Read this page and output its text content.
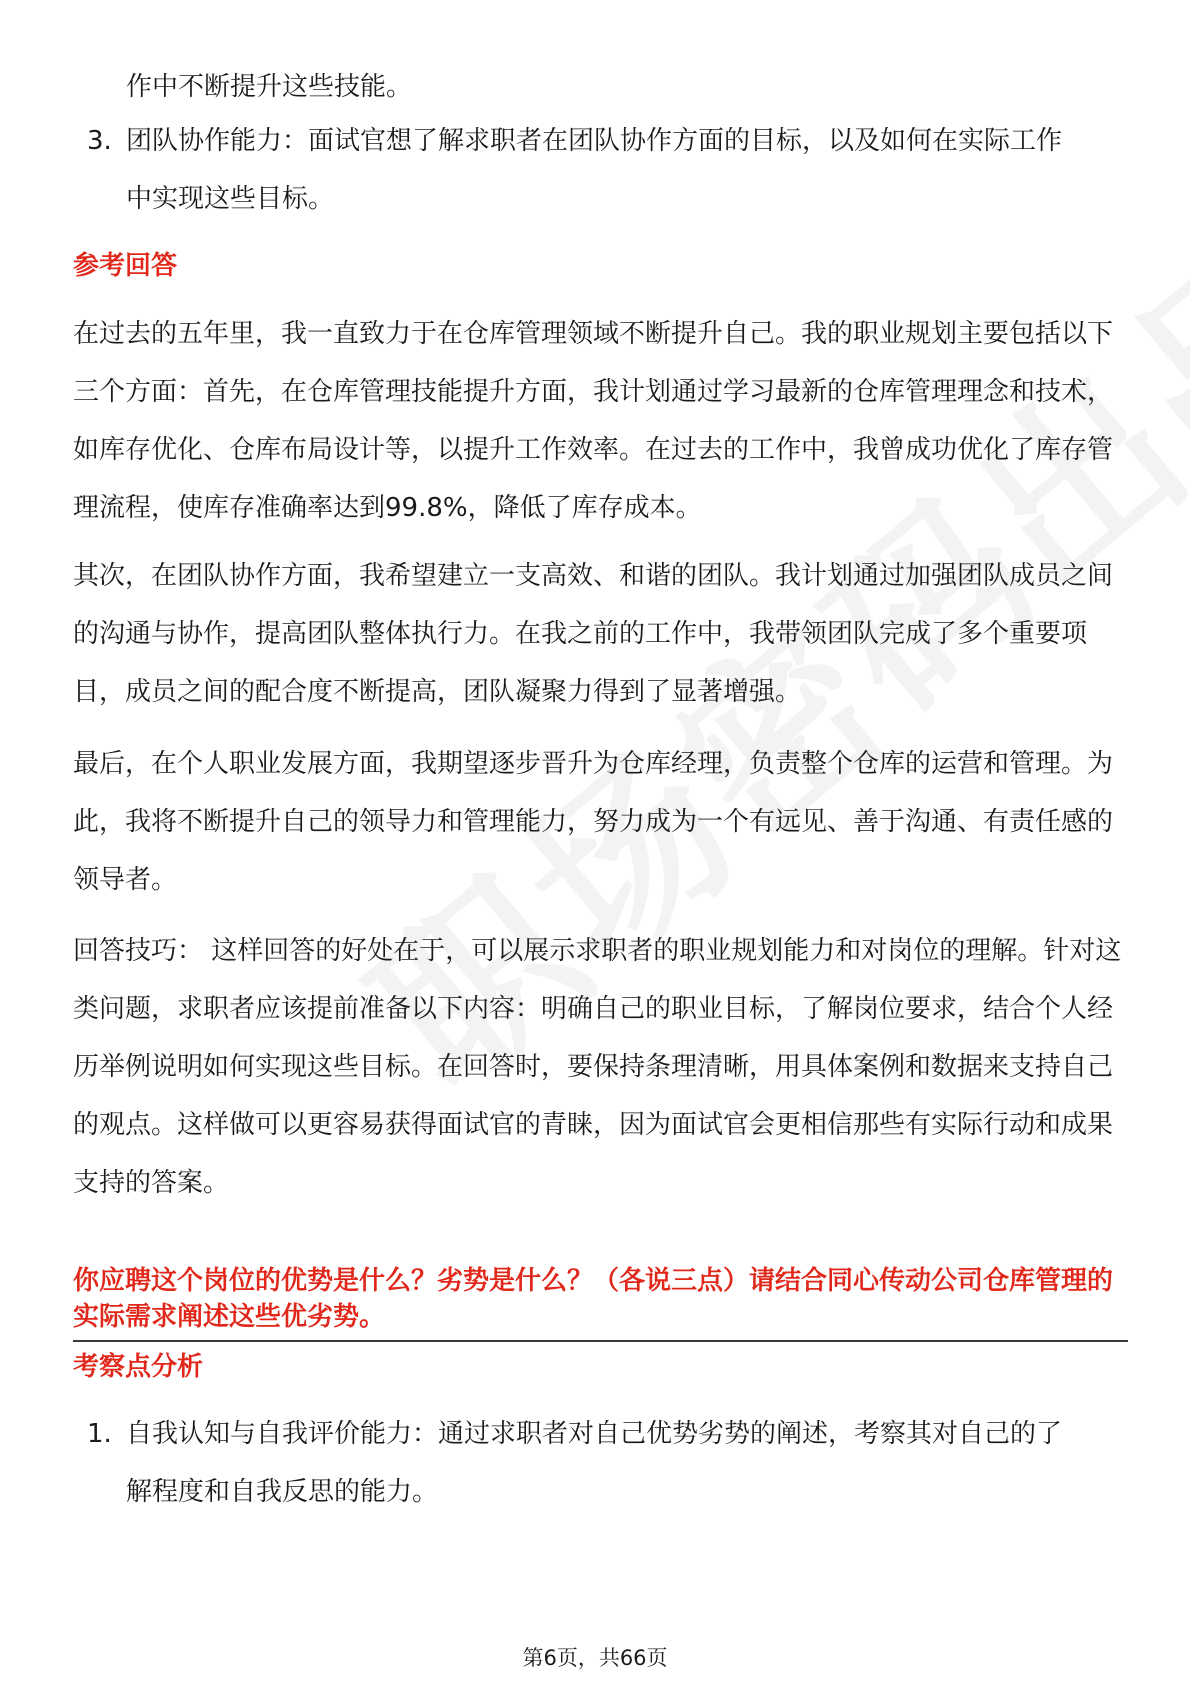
作中不断提升这些技能。
3. 团队协作能力：面试官想了解求职者在团队协作方面的目标，以及如何在实际工作中实现这些目标。
参考回答
在过去的五年里，我一直致力于在仓库管理领域不断提升自己。我的职业规划主要包括以下三个方面：首先，在仓库管理技能提升方面，我计划通过学习最新的仓库管理理念和技术，如库存优化、仓库布局设计等，以提升工作效率。在过去的工作中，我曾成功优化了库存管理流程，使库存准确率达到99.8%，降低了库存成本。
其次，在团队协作方面，我希望建立一支高效、和谐的团队。我计划通过加强团队成员之间的沟通与协作，提高团队整体执行力。在我之前的工作中，我带领团队完成了多个重要项目，成员之间的配合度不断提高，团队凝聚力得到了显著增强。
最后，在个人职业发展方面，我期望逐步晋升为仓库经理，负责整个仓库的运营和管理。为此，我将不断提升自己的领导力和管理能力，努力成为一个有远见、善于沟通、有责任感的领导者。
回答技巧： 这样回答的好处在于，可以展示求职者的职业规划能力和对岗位的理解。针对这类问题，求职者应该提前准备以下内容：明确自己的职业目标，了解岗位要求，结合个人经历举例说明如何实现这些目标。在回答时，要保持条理清晰，用具体案例和数据来支持自己的观点。这样做可以更容易获得面试官的青睐，因为面试官会更相信那些有实际行动和成果支持的答案。
你应聘这个岗位的优势是什么？劣势是什么？（各说三点）请结合同心传动公司仓库管理的实际需求阐述这些优劣势。
考察点分析
1. 自我认知与自我评价能力：通过求职者对自己优势劣势的阐述，考察其对自己的了解程度和自我反思的能力。
第6页，共66页
